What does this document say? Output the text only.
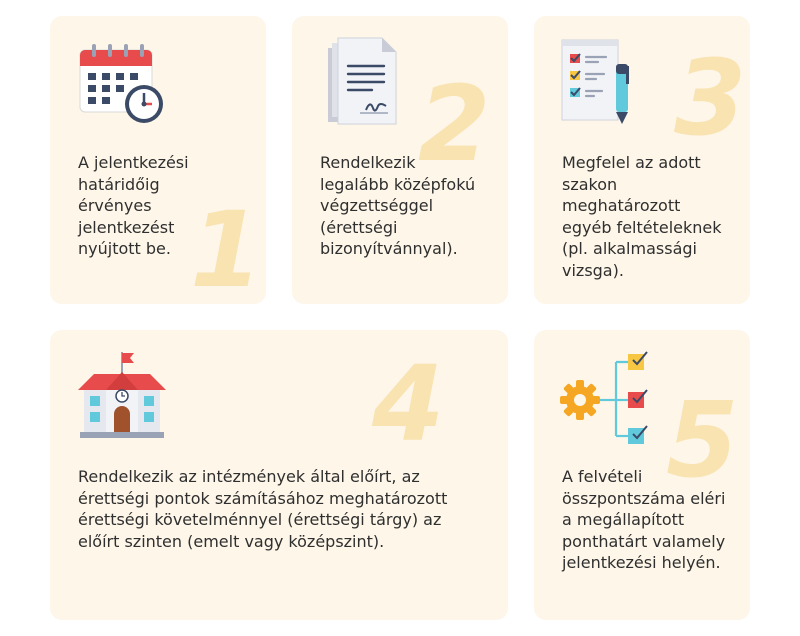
1
A jelentkezési
határidőig
érvényes
jelentkezést
nyújtott be.
2
Rendelkezik
legalább középfokú
végzettséggel
(érettségi
bizonyítvánnyal).
3
Megfelel az adott
szakon
meghatározott
egyéb feltételeknek
(pl. alkalmassági
vizsga).
4
Rendelkezik az intézmények által előírt, az
érettségi pontok számításához meghatározott
érettségi követelménnyel (érettségi tárgy) az
előírt szinten (emelt vagy középszint).
5
A felvételi
összpontszáma eléri
a megállapított
ponthatárt valamely
jelentkezési helyén.
